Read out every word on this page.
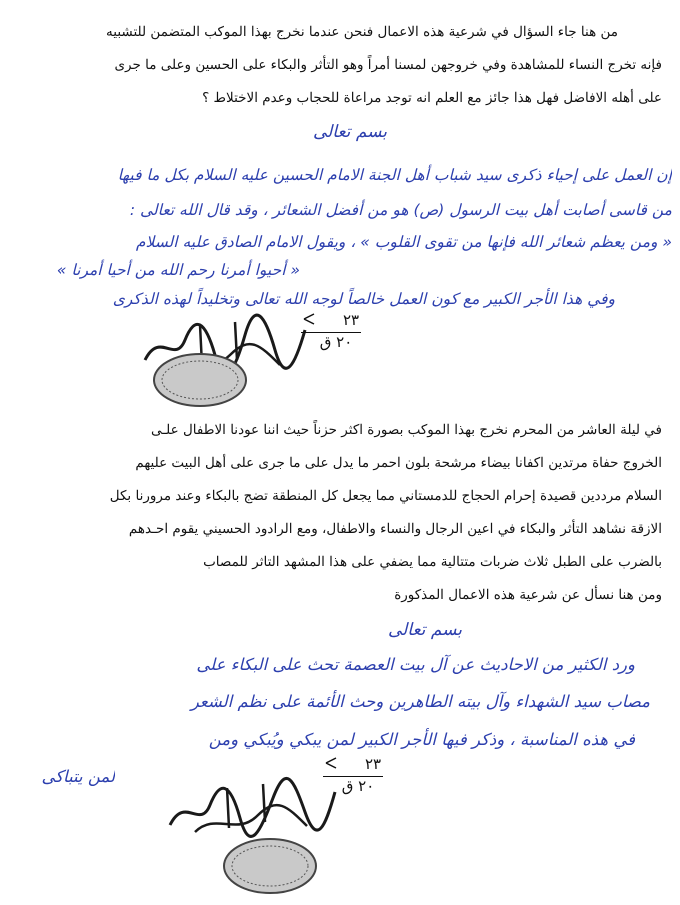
من هنا جاء السؤال في شرعية هذه الاعمال فنحن عندما نخرج بهذا الموكب المتضمن للتشبيه
فإنه تخرج النساء للمشاهدة وفي خروجهن لمسنا أمراً وهو التأثر والبكاء على الحسين وعلى ما جرى
على أهله الافاضل فهل هذا جائز مع العلم انه توجد مراعاة للحجاب وعدم الاختلاط ؟
بسم تعالى
إن العمل على إحياء ذكرى سيد شباب أهل الجنة الامام الحسين عليه السلام بكل ما فيها
من قاسى أصابت أهل بيت الرسول (ص) هو من أفضل الشعائر ، وقد قال الله تعالى :
« ومن يعظم شعائر الله فإنها من تقوى القلوب » ، ويقول الامام الصادق عليه السلام
« أحيوا أمرنا رحم الله من أحيا أمرنا »
وفي هذا الأجر الكبير مع كون العمل خالصاً لوجه الله تعالى وتخليداً لهذه الذكرى
٢٣
٢٠ ق
في ليلة العاشر من المحرم نخرج بهذا الموكب بصورة اكثر حزناً حيث اننا عودنا الاطفال علـى
الخروج حفاة مرتدين اكفانا بيضاء مرشحة بلون احمر ما يدل على ما جرى على أهل البيت عليهم
السلام مرددين قصيدة إحرام الحجاج للدمستاني مما يجعل كل المنطقة تضج بالبكاء وعند مرورنا بكل
الازقة نشاهد التأثر والبكاء في اعين الرجال والنساء والاطفال، ومع الرادود الحسيني يقوم احـدهم
بالضرب على الطبل ثلاث ضربات متتالية مما يضفي على هذا المشهد التاثر للمصاب
ومن هنا نسأل عن شرعية هذه الاعمال المذكورة
بسم تعالى
ورد الكثير من الاحاديث عن آل بيت العصمة تحث على البكاء على
مصاب سيد الشهداء وآل بيته الطاهرين وحث الأئمة على نظم الشعر
في هذه المناسبة ، وذكر فيها الأجر الكبير لمن يبكي ويُبكي ومن
لمن يتباكى
٢٣
٢٠ ق
